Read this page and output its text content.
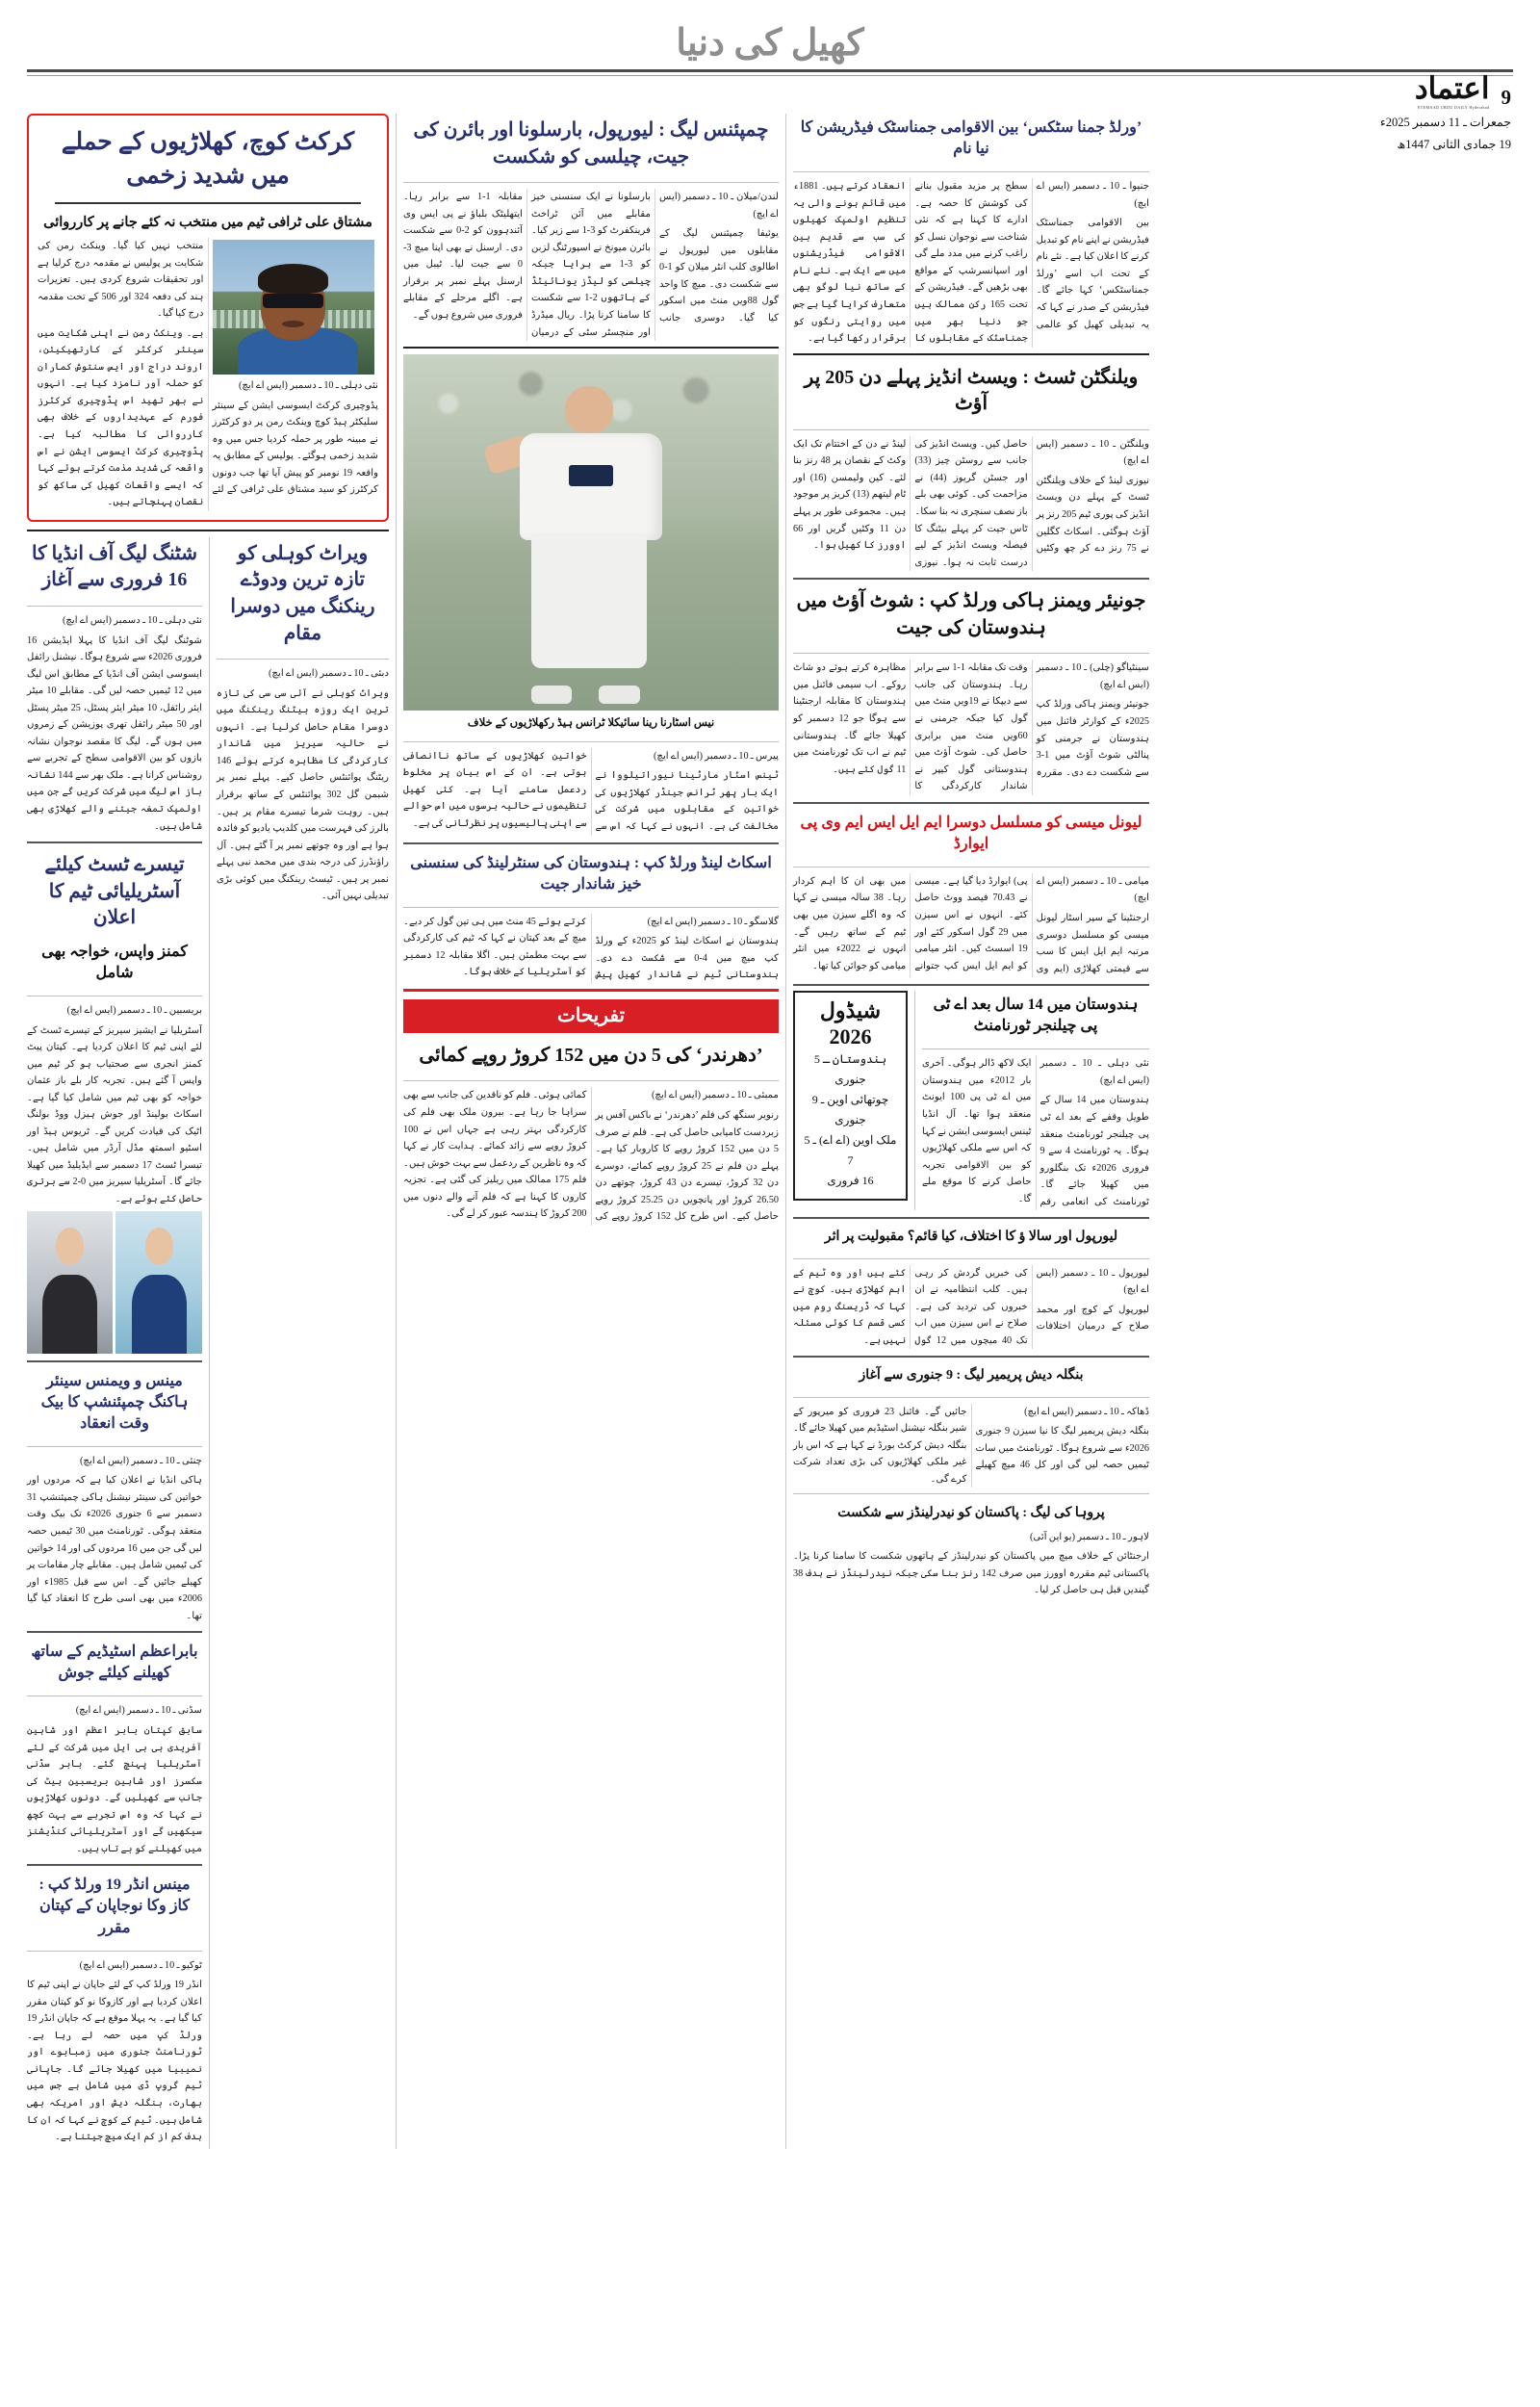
کھیل کی دنیا
9
اعتماد
ETEMAAD URDU DAILY Hyderabad
جمعرات ـ 11 دسمبر 2025ء
19 جمادی الثانی 1447ھ
کرکٹ کوچ، کھلاڑیوں کے حملے میں شدید زخمی
مشتاق علی ٹرافی ٹیم میں منتخب نہ کئے جانے پر کارروائی

نئی دہلی ـ 10 ـ دسمبر (ایس اے ایچ)

پڈوچیری کرکٹ ایسوسی ایشن کے سینئر سلیکٹر ہیڈ کوچ وینکٹ رمن پر دو کرکٹرز نے مبینہ طور پر حملہ کردیا جس میں وہ شدید زخمی ہوگئے۔ پولیس کے مطابق یہ واقعہ 19 نومبر کو پیش آیا تھا جب دونوں کرکٹرز کو سید مشتاق علی ٹرافی کے لئے منتخب نہیں کیا گیا۔ وینکٹ رمن کی شکایت پر پولیس نے مقدمہ درج کرلیا ہے اور تحقیقات شروع کردی ہیں۔ تعزیرات ہند کی دفعہ 324 اور 506 کے تحت مقدمہ درج کیا گیا۔

ہے۔ وینکٹ رمن نے اپنی شکایت میں سینئر کرکٹر کے کارتھیکیئن، اروند دراج اور ایس سنتوش کماران کو حملہ آور نامزد کیا ہے۔ انہوں نے بھر تھید اس پڈوچیری کرکٹرز فورم کے عہدیداروں کے خلاف بھی کارروائی کا مطالبہ کیا ہے۔ پڈوچیری کرکٹ ایسوسی ایشن نے اس واقعہ کی شدید مذمت کرتے ہوئے کہا کہ ایسے واقعات کھیل کی ساکھ کو نقصان پہنچاتے ہیں۔

شٹنگ لیگ آف انڈیا کا 16 فروری سے آغاز

نئی دہلی ـ 10 ـ دسمبر (ایس اے ایچ)

شوٹنگ لیگ آف انڈیا کا پہلا ایڈیشن 16 فروری 2026ء سے شروع ہوگا۔ نیشنل رائفل ایسوسی ایشن آف انڈیا کے مطابق اس لیگ میں 12 ٹیمیں حصہ لیں گی۔ مقابلے 10 میٹر ایئر رائفل، 10 میٹر ایئر پسٹل، 25 میٹر پسٹل اور 50 میٹر رائفل تھری پوزیشن کے زمروں میں ہوں گے۔ لیگ کا مقصد نوجوان نشانہ بازوں کو بین الاقوامی سطح کے تجربے سے روشناس کرانا ہے۔ ملک بھر سے 144 نشانہ باز اس لیگ میں شرکت کریں گے جن میں اولمپک تمغہ جیتنے والے کھلاڑی بھی شامل ہیں۔

تیسرے ٹسٹ کیلئے آسٹریلیائی ٹیم کا اعلان
کمنز واپس، خواجہ بھی شامل

بریسبین ـ 10 ـ دسمبر (ایس اے ایچ)

آسٹریلیا نے ایشیز سیریز کے تیسرے ٹسٹ کے لئے اپنی ٹیم کا اعلان کردیا ہے۔ کپتان پیٹ کمنز انجری سے صحتیاب ہو کر ٹیم میں واپس آ گئے ہیں۔ تجربہ کار بلے باز عثمان خواجہ کو بھی ٹیم میں شامل کیا گیا ہے۔ اسکاٹ بولینڈ اور جوش ہیزل ووڈ بولنگ اٹیک کی قیادت کریں گے۔ ٹریوس ہیڈ اور اسٹیو اسمتھ مڈل آرڈر میں شامل ہیں۔ تیسرا ٹسٹ 17 دسمبر سے ایڈیلیڈ میں کھیلا جائے گا۔ آسٹریلیا سیریز میں 0-2 سے برتری حاصل کئے ہوئے ہے۔

مینس و ویمنس سینئر ہاکنگ چمپئنشپ کا بیک وقت انعقاد

چنئی ـ 10 ـ دسمبر (ایس اے ایچ)

ہاکی انڈیا نے اعلان کیا ہے کہ مردوں اور خواتین کی سینئر نیشنل ہاکی چمپئنشپ 31 دسمبر سے 6 جنوری 2026ء تک بیک وقت منعقد ہوگی۔ ٹورنامنٹ میں 30 ٹیمیں حصہ لیں گی جن میں 16 مردوں کی اور 14 خواتین کی ٹیمیں شامل ہیں۔ مقابلے چار مقامات پر کھیلے جائیں گے۔ اس سے قبل 1985ء اور 2006ء میں بھی اسی طرح کا انعقاد کیا گیا تھا۔

بابراعظم اسٹیڈیم کے ساتھ کھیلنے کیلئے جوش

سڈنی ـ 10 ـ دسمبر (ایس اے ایچ)

سابق کپتان بابر اعظم اور شاہین آفریدی بی بی ایل میں شرکت کے لئے آسٹریلیا پہنچ گئے۔ بابر سڈنی سکسرز اور شاہین بریسبین ہیٹ کی جانب سے کھیلیں گے۔ دونوں کھلاڑیوں نے کہا کہ وہ اس تجربے سے بہت کچھ سیکھیں گے اور آسٹریلیائی کنڈیشنز میں کھیلنے کو بے تاب ہیں۔

مینس انڈر 19 ورلڈ کپ : کاز وکا نوجاپان کے کپتان مقرر

ٹوکیو ـ 10 ـ دسمبر (ایس اے ایچ)

انڈر 19 ورلڈ کپ کے لئے جاپان نے اپنی ٹیم کا اعلان کردیا ہے اور کازوکا نو کو کپتان مقرر کیا گیا ہے۔ یہ پہلا موقع ہے کہ جاپان انڈر 19 ورلڈ کپ میں حصہ لے رہا ہے۔ ٹورنامنٹ جنوری میں زمبابوے اور نمیبیا میں کھیلا جائے گا۔ جاپانی ٹیم گروپ ڈی میں شامل ہے جس میں بھارت، بنگلہ دیش اور امریکہ بھی شامل ہیں۔ ٹیم کے کوچ نے کہا کہ ان کا ہدف کم از کم ایک میچ جیتنا ہے۔

ویراٹ کوہلی کو تازہ ترین ودوڈے رینکنگ میں دوسرا مقام

دبئی ـ 10 ـ دسمبر (ایس اے ایچ)

ویراٹ کوہلی نے آئی سی سی کی تازہ ترین ایک روزہ بیٹنگ رینکنگ میں دوسرا مقام حاصل کرلیا ہے۔ انہوں نے حالیہ سیریز میں شاندار کارکردگی کا مظاہرہ کرتے ہوئے 146 ریٹنگ پوائنٹس حاصل کیے۔ پہلے نمبر پر شبمن گل 302 پوائنٹس کے ساتھ برقرار ہیں۔ روہت شرما تیسرے مقام پر ہیں۔ بالرز کی فہرست میں کلدیپ یادیو کو فائدہ ہوا ہے اور وہ چوتھے نمبر پر آ گئے ہیں۔ آل راؤنڈرز کی درجہ بندی میں محمد نبی پہلے نمبر پر ہیں۔ ٹیسٹ رینکنگ میں کوئی بڑی تبدیلی نہیں آئی۔

چمپئنس لیگ : لیورپول، بارسلونا اور بائرن کی جیت، چیلسی کو شکست

لندن/میلان ـ 10 ـ دسمبر (ایس اے ایچ)

یوئیفا چمپئنس لیگ کے مقابلوں میں لیورپول نے اطالوی کلب انٹر میلان کو 1-0 سے شکست دی۔ میچ کا واحد گول 88ویں منٹ میں اسکور کیا گیا۔ دوسری جانب بارسلونا نے ایک سنسنی خیز مقابلے میں آئن ٹراخٹ فرینکفرٹ کو 3-1 سے زیر کیا۔ بائرن میونخ نے اسپورٹنگ لزبن کو 3-1 سے ہرایا جبکہ چیلسی کو لیڈز یونائیٹڈ کے ہاتھوں 2-1 سے شکست کا سامنا کرنا پڑا۔ ریال میڈرڈ اور منچسٹر سٹی کے درمیان مقابلہ 1-1 سے برابر رہا۔ ایتھلیٹک بلباؤ نے پی ایس وی آئندہوون کو 2-0 سے شکست دی۔ ارسنل نے بھی اپنا میچ 3-0 سے جیت لیا۔ ٹیبل میں ارسنل پہلے نمبر پر برقرار ہے۔ اگلے مرحلے کے مقابلے فروری میں شروع ہوں گے۔

نیس اسٹارنا رینا سائیکلا ٹرانس ہیڈ رکھلاڑیوں کے خلاف

پیرس ـ 10 ـ دسمبر (ایس اے ایچ)

ٹینس اسٹار مارٹینا نیوراتیلووا نے ایک بار پھر ٹرانس جینڈر کھلاڑیوں کی خواتین کے مقابلوں میں شرکت کی مخالفت کی ہے۔ انہوں نے کہا کہ اس سے خواتین کھلاڑیوں کے ساتھ ناانصافی ہوتی ہے۔ ان کے اس بیان پر مخلوط ردعمل سامنے آیا ہے۔ کئی کھیل تنظیموں نے حالیہ برسوں میں اس حوالے سے اپنی پالیسیوں پر نظرثانی کی ہے۔

اسکاٹ لینڈ ورلڈ کپ : ہندوستان کی سنٹرلینڈ کی سنسنی خیز شاندار جیت

گلاسگو ـ 10 ـ دسمبر (ایس اے ایچ)

ہندوستان نے اسکاٹ لینڈ کو 2025ء کے ورلڈ کپ میچ میں 4-0 سے شکست دے دی۔ ہندوستانی ٹیم نے شاندار کھیل پیش کرتے ہوئے 45 منٹ میں ہی تین گول کر دیے۔ میچ کے بعد کپتان نے کہا کہ ٹیم کی کارکردگی سے بہت مطمئن ہیں۔ اگلا مقابلہ 12 دسمبر کو آسٹریلیا کے خلاف ہوگا۔

تفریحات
’دھرندر‘ کی 5 دن میں 152 کروڑ روپے کمائی

ممبئی ـ 10 ـ دسمبر (ایس اے ایچ)

رنویر سنگھ کی فلم ’دھرندر‘ نے باکس آفس پر زبردست کامیابی حاصل کی ہے۔ فلم نے صرف 5 دن میں 152 کروڑ روپے کا کاروبار کیا ہے۔ پہلے دن فلم نے 25 کروڑ روپے کمائے، دوسرے دن 32 کروڑ، تیسرے دن 43 کروڑ، چوتھے دن 26.50 کروڑ اور پانچویں دن 25.25 کروڑ روپے حاصل کیے۔ اس طرح کل 152 کروڑ روپے کی کمائی ہوئی۔ فلم کو ناقدین کی جانب سے بھی سراہا جا رہا ہے۔ بیرون ملک بھی فلم کی کارکردگی بہتر رہی ہے جہاں اس نے 100 کروڑ روپے سے زائد کمائے۔ ہدایت کار نے کہا کہ وہ ناظرین کے ردعمل سے بہت خوش ہیں۔ فلم 175 ممالک میں ریلیز کی گئی ہے۔ تجزیہ کاروں کا کہنا ہے کہ فلم آنے والے دنوں میں 200 کروڑ کا ہندسہ عبور کر لے گی۔

’ورلڈ جمنا سٹکس‘ بین الاقوامی جمناسٹک فیڈریشن کا نیا نام

جنیوا ـ 10 ـ دسمبر (ایس اے ایچ)

بین الاقوامی جمناسٹک فیڈریشن نے اپنے نام کو تبدیل کرنے کا اعلان کیا ہے۔ نئے نام کے تحت اب اسے ’ورلڈ جمناسٹکس‘ کہا جائے گا۔ فیڈریشن کے صدر نے کہا کہ یہ تبدیلی کھیل کو عالمی سطح پر مزید مقبول بنانے کی کوشش کا حصہ ہے۔ ادارے کا کہنا ہے کہ نئی شناخت سے نوجوان نسل کو راغب کرنے میں مدد ملے گی اور اسپانسرشپ کے مواقع بھی بڑھیں گے۔ فیڈریشن کے تحت 165 رکن ممالک ہیں جو دنیا بھر میں جمناسٹک کے مقابلوں کا انعقاد کرتے ہیں۔ 1881ء میں قائم ہونے والی یہ تنظیم اولمپک کھیلوں کی سب سے قدیم بین الاقوامی فیڈریشنوں میں سے ایک ہے۔ نئے نام کے ساتھ نیا لوگو بھی متعارف کرایا گیا ہے جس میں روایتی رنگوں کو برقرار رکھا گیا ہے۔

ویلنگٹن ٹسٹ : ویسٹ انڈیز پہلے دن 205 پر آؤٹ

ویلنگٹن ـ 10 ـ دسمبر (ایس اے ایچ)

نیوزی لینڈ کے خلاف ویلنگٹن ٹسٹ کے پہلے دن ویسٹ انڈیز کی پوری ٹیم 205 رنز پر آؤٹ ہوگئی۔ اسکاٹ کگلین نے 75 رنز دے کر چھ وکٹیں حاصل کیں۔ ویسٹ انڈیز کی جانب سے روسٹن چیز (33) اور جسٹن گریوز (44) نے مزاحمت کی۔ کوئی بھی بلے باز نصف سنچری نہ بنا سکا۔ ٹاس جیت کر پہلے بیٹنگ کا فیصلہ ویسٹ انڈیز کے لیے درست ثابت نہ ہوا۔ نیوزی لینڈ نے دن کے اختتام تک ایک وکٹ کے نقصان پر 48 رنز بنا لئے۔ کین ولیمسن (16) اور ٹام لیتھم (13) کریز پر موجود ہیں۔ مجموعی طور پر پہلے دن 11 وکٹیں گریں اور 66 اوورز کا کھیل ہوا۔

جونیئر ویمنز ہاکی ورلڈ کپ : شوٹ آؤٹ میں ہندوستان کی جیت

سینٹیاگو (چلی) ـ 10 ـ دسمبر (ایس اے ایچ)

جونیئر ویمنز ہاکی ورلڈ کپ 2025ء کے کوارٹر فائنل میں ہندوستان نے جرمنی کو پنالٹی شوٹ آؤٹ میں 1-3 سے شکست دے دی۔ مقررہ وقت تک مقابلہ 1-1 سے برابر رہا۔ ہندوستان کی جانب سے دیپکا نے 19ویں منٹ میں گول کیا جبکہ جرمنی نے 60ویں منٹ میں برابری حاصل کی۔ شوٹ آؤٹ میں ہندوستانی گول کیپر نے شاندار کارکردگی کا مظاہرہ کرتے ہوئے دو شاٹ روکے۔ اب سیمی فائنل میں ہندوستان کا مقابلہ ارجنٹینا سے ہوگا جو 12 دسمبر کو کھیلا جائے گا۔ ہندوستانی ٹیم نے اب تک ٹورنامنٹ میں 11 گول کئے ہیں۔

لیونل میسی کو مسلسل دوسرا ایم ایل ایس ایم وی پی ایوارڈ

میامی ـ 10 ـ دسمبر (ایس اے ایچ)

ارجنٹینا کے سپر اسٹار لیونل میسی کو مسلسل دوسری مرتبہ ایم ایل ایس کا سب سے قیمتی کھلاڑی (ایم وی پی) ایوارڈ دیا گیا ہے۔ میسی نے 70.43 فیصد ووٹ حاصل کئے۔ انہوں نے اس سیزن میں 29 گول اسکور کئے اور 19 اسسٹ کیں۔ انٹر میامی کو ایم ایل ایس کپ جتوانے میں بھی ان کا اہم کردار رہا۔ 38 سالہ میسی نے کہا کہ وہ اگلے سیزن میں بھی ٹیم کے ساتھ رہیں گے۔ انہوں نے 2022ء میں انٹر میامی کو جوائن کیا تھا۔

شیڈول 2026
ہندوستان ـ 5 جنوری
چوتھائی اوین ـ 9 جنوری
ملک اوین (اے اے) ـ 5 7
16 فروری
ہندوستان میں 14 سال بعد اے ٹی پی چیلنجر ٹورنامنٹ

نئی دہلی ـ 10 ـ دسمبر (ایس اے ایچ)

ہندوستان میں 14 سال کے طویل وقفے کے بعد اے ٹی پی چیلنجر ٹورنامنٹ منعقد ہوگا۔ یہ ٹورنامنٹ 4 سے 9 فروری 2026ء تک بنگلورو میں کھیلا جائے گا۔ ٹورنامنٹ کی انعامی رقم ایک لاکھ ڈالر ہوگی۔ آخری بار 2012ء میں ہندوستان میں اے ٹی پی 100 ایونٹ منعقد ہوا تھا۔ آل انڈیا ٹینس ایسوسی ایشن نے کہا کہ اس سے ملکی کھلاڑیوں کو بین الاقوامی تجربہ حاصل کرنے کا موقع ملے گا۔

لیورپول اور سالا ؤ کا اختلاف، کیا قائم؟ مقبولیت پر اثر

لیورپول ـ 10 ـ دسمبر (ایس اے ایچ)

لیورپول کے کوچ اور محمد صلاح کے درمیان اختلافات کی خبریں گردش کر رہی ہیں۔ کلب انتظامیہ نے ان خبروں کی تردید کی ہے۔ صلاح نے اس سیزن میں اب تک 40 میچوں میں 12 گول کئے ہیں اور وہ ٹیم کے اہم کھلاڑی ہیں۔ کوچ نے کہا کہ ڈریسنگ روم میں کسی قسم کا کوئی مسئلہ نہیں ہے۔

بنگلہ دیش پریمیر لیگ : 9 جنوری سے آغاز

ڈھاکہ ـ 10 ـ دسمبر (ایس اے ایچ)

بنگلہ دیش پریمیر لیگ کا نیا سیزن 9 جنوری 2026ء سے شروع ہوگا۔ ٹورنامنٹ میں سات ٹیمیں حصہ لیں گی اور کل 46 میچ کھیلے جائیں گے۔ فائنل 23 فروری کو میرپور کے شیر بنگلہ نیشنل اسٹیڈیم میں کھیلا جائے گا۔ بنگلہ دیش کرکٹ بورڈ نے کہا ہے کہ اس بار غیر ملکی کھلاڑیوں کی بڑی تعداد شرکت کرے گی۔

پروہا کی لیگ : پاکستان کو نیدرلینڈز سے شکست

لاہور ـ 10 ـ دسمبر (یو این آئی)

ارجنٹائن کے خلاف میچ میں پاکستان کو نیدرلینڈز کے ہاتھوں شکست کا سامنا کرنا پڑا۔ پاکستانی ٹیم مقررہ اوورز میں صرف 142 رنز بنا سکی جبکہ نیدرلینڈز نے ہدف 38 گیندیں قبل ہی حاصل کر لیا۔
